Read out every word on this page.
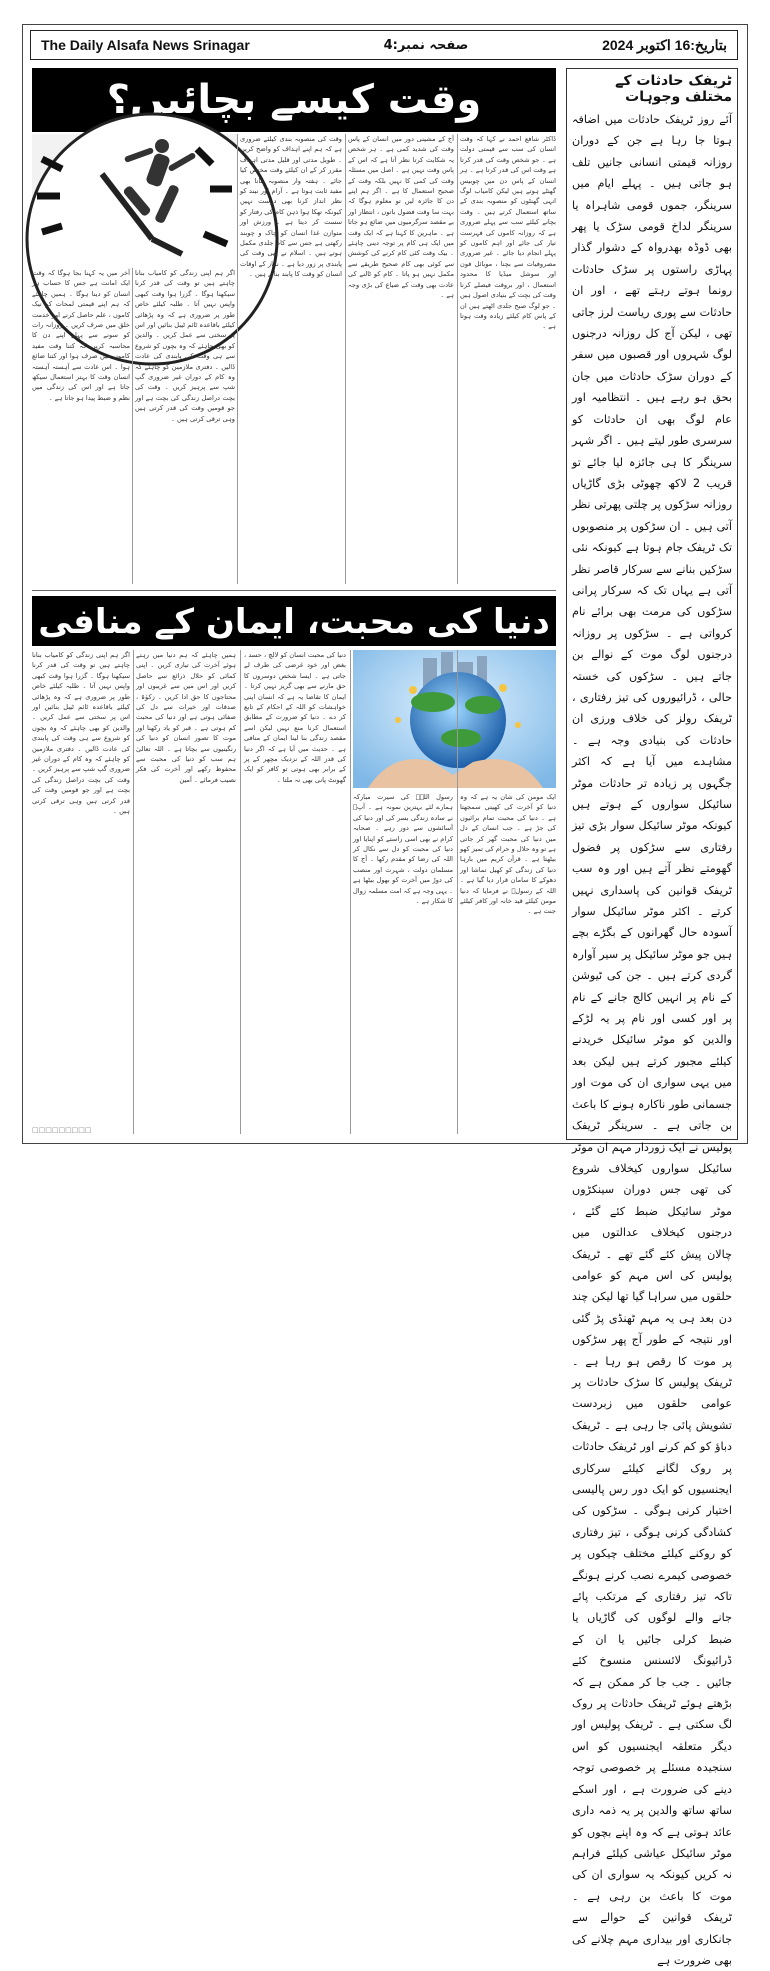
The Daily Alsafa News Srinagar	صفحہ نمبر:4	بتاریخ:16 اکتوبر 2024
وقت کیسے بچائیں؟
ڈاکٹر شافع احمد نے کہا کہ وقت انسان کی سب سے قیمتی دولت ہے ۔ جو شخص وقت کی قدر کرتا ہے وقت اس کی قدر کرتا ہے ۔ ہر انسان کے پاس دن میں چوبیس گھنٹے ہوتے ہیں لیکن کامیاب لوگ انہی گھنٹوں کو منصوبہ بندی کے ساتھ استعمال کرتے ہیں ۔ وقت بچانے کیلئے سب سے پہلے ضروری ہے کہ روزانہ کاموں کی فہرست تیار کی جائے اور اہم کاموں کو پہلے انجام دیا جائے ۔ غیر ضروری مصروفیات سے بچنا ، موبائل فون اور سوشل میڈیا کا محدود استعمال ، اور بروقت فیصلے کرنا وقت کی بچت کے بنیادی اصول ہیں ۔ جو لوگ صبح جلدی اٹھتے ہیں ان کے پاس کام کیلئے زیادہ وقت ہوتا ہے ۔
آج کے مشینی دور میں انسان کے پاس وقت کی شدید کمی ہے ۔ ہر شخص یہ شکایت کرتا نظر آتا ہے کہ اس کے پاس وقت نہیں ہے ۔ اصل میں مسئلہ وقت کی کمی کا نہیں بلکہ وقت کے صحیح استعمال کا ہے ۔ اگر ہم اپنے دن کا جائزہ لیں تو معلوم ہوگا کہ بہت سا وقت فضول باتوں ، انتظار اور بے مقصد سرگرمیوں میں ضائع ہو جاتا ہے ۔ ماہرین کا کہنا ہے کہ ایک وقت میں ایک ہی کام پر توجہ دینی چاہئے ۔ بیک وقت کئی کام کرنے کی کوشش سے کوئی بھی کام صحیح طریقے سے مکمل نہیں ہو پاتا ۔ کام کو ٹالنے کی عادت بھی وقت کے ضیاع کی بڑی وجہ ہے ۔
وقت کی منصوبہ بندی کیلئے ضروری ہے کہ ہم اپنے اہداف کو واضح کریں ۔ طویل مدتی اور قلیل مدتی اہداف مقرر کر کے ان کیلئے وقت مختص کیا جائے ۔ ہفتہ وار منصوبہ بنانا بھی مفید ثابت ہوتا ہے ۔ آرام اور نیند کو نظر انداز کرنا بھی درست نہیں کیونکہ تھکا ہوا ذہن کام کی رفتار کو سست کر دیتا ہے ۔ ورزش اور متوازن غذا انسان کو چاک و چوبند رکھتی ہے جس سے کام جلدی مکمل ہوتے ہیں ۔ اسلام نے بھی وقت کی پابندی پر زور دیا ہے ۔ نماز کے اوقات انسان کو وقت کا پابند بناتے ہیں ۔
اگر ہم اپنی زندگی کو کامیاب بنانا چاہتے ہیں تو وقت کی قدر کرنا سیکھنا ہوگا ۔ گزرا ہوا وقت کبھی واپس نہیں آتا ۔ طلبہ کیلئے خاص طور پر ضروری ہے کہ وہ پڑھائی کیلئے باقاعدہ ٹائم ٹیبل بنائیں اور اس پر سختی سے عمل کریں ۔ والدین کو بھی چاہئے کہ وہ بچوں کو شروع سے ہی وقت کی پابندی کی عادت ڈالیں ۔ دفتری ملازمین کو چاہئے کہ وہ کام کے دوران غیر ضروری گپ شپ سے پرہیز کریں ۔ وقت کی بچت دراصل زندگی کی بچت ہے اور جو قومیں وقت کی قدر کرتی ہیں وہی ترقی کرتی ہیں ۔
آخر میں یہ کہنا بجا ہوگا کہ وقت ایک امانت ہے جس کا حساب ہر انسان کو دینا ہوگا ۔ ہمیں چاہئے کہ ہم اپنے قیمتی لمحات کو نیک کاموں ، علم حاصل کرنے اور خدمت خلق میں صرف کریں ۔ روزانہ رات کو سونے سے پہلے اپنے دن کا محاسبہ کریں کہ کتنا وقت مفید کاموں میں صرف ہوا اور کتنا ضائع ہوا ۔ اس عادت سے آہستہ آہستہ انسان وقت کا بہتر استعمال سیکھ جاتا ہے اور اس کی زندگی میں نظم و ضبط پیدا ہو جاتا ہے ۔
دنیا کی محبت، ایمان کے منافی
ایک مومن کی شان یہ ہے کہ وہ دنیا کو آخرت کی کھیتی سمجھتا ہے ۔ دنیا کی محبت تمام برائیوں کی جڑ ہے ۔ جب انسان کے دل میں دنیا کی محبت گھر کر جاتی ہے تو وہ حلال و حرام کی تمیز کھو بیٹھتا ہے ۔ قرآن کریم میں بارہا دنیا کی زندگی کو کھیل تماشا اور دھوکے کا سامان قرار دیا گیا ہے ۔ اللہ کے رسولؐ نے فرمایا کہ دنیا مومن کیلئے قید خانہ اور کافر کیلئے جنت ہے ۔
رسول اللہؐ کی سیرت مبارکہ ہمارے لئے بہترین نمونہ ہے ۔ آپؐ نے سادہ زندگی بسر کی اور دنیا کی آسائشوں سے دور رہے ۔ صحابہ کرام نے بھی اسی راستے کو اپنایا اور دنیا کی محبت کو دل سے نکال کر اللہ کی رضا کو مقدم رکھا ۔ آج کا مسلمان دولت ، شہرت اور منصب کی دوڑ میں آخرت کو بھول بیٹھا ہے ۔ یہی وجہ ہے کہ امت مسلمہ زوال کا شکار ہے ۔
دنیا کی محبت انسان کو لالچ ، حسد ، بغض اور خود غرضی کی طرف لے جاتی ہے ۔ ایسا شخص دوسروں کا حق مارنے سے بھی گریز نہیں کرتا ۔ ایمان کا تقاضا یہ ہے کہ انسان اپنی خواہشات کو اللہ کے احکام کے تابع کر دے ۔ دنیا کو ضرورت کے مطابق استعمال کرنا منع نہیں لیکن اسے مقصد زندگی بنا لینا ایمان کے منافی ہے ۔ حدیث میں آیا ہے کہ اگر دنیا کی قدر اللہ کے نزدیک مچھر کے پر کے برابر بھی ہوتی تو کافر کو ایک گھونٹ پانی بھی نہ ملتا ۔
ہمیں چاہئے کہ ہم دنیا میں رہتے ہوئے آخرت کی تیاری کریں ۔ اپنی کمائی کو حلال ذرائع سے حاصل کریں اور اس میں سے غریبوں اور محتاجوں کا حق ادا کریں ۔ زکوٰۃ ، صدقات اور خیرات سے دل کی صفائی ہوتی ہے اور دنیا کی محبت کم ہوتی ہے ۔ قبر کو یاد رکھنا اور موت کا تصور انسان کو دنیا کی رنگینیوں سے بچاتا ہے ۔ اللہ تعالیٰ ہم سب کو دنیا کی محبت سے محفوظ رکھے اور آخرت کی فکر نصیب فرمائے ۔ آمین
اگر ہم اپنی زندگی کو کامیاب بنانا چاہتے ہیں تو وقت کی قدر کرنا سیکھنا ہوگا ۔ گزرا ہوا وقت کبھی واپس نہیں آتا ۔ طلبہ کیلئے خاص طور پر ضروری ہے کہ وہ پڑھائی کیلئے باقاعدہ ٹائم ٹیبل بنائیں اور اس پر سختی سے عمل کریں ۔ والدین کو بھی چاہئے کہ وہ بچوں کو شروع سے ہی وقت کی پابندی کی عادت ڈالیں ۔ دفتری ملازمین کو چاہئے کہ وہ کام کے دوران غیر ضروری گپ شپ سے پرہیز کریں ۔ وقت کی بچت دراصل زندگی کی بچت ہے اور جو قومیں وقت کی قدر کرتی ہیں وہی ترقی کرتی ہیں ۔
ٹریفک حادثات کے مختلف وجوہات
آئے روز ٹریفک حادثات میں اضافہ ہوتا جا رہا ہے جن کے دوران روزانہ قیمتی انسانی جانیں تلف ہو جاتی ہیں ۔ پہلے ایام میں سرینگر، جموں قومی شاہراہ یا سرینگر لداخ قومی سڑک یا پھر بھی ڈوڈہ بھدرواہ کے دشوار گذار پہاڑی راستوں پر سڑک حادثات رونما ہوتے رہتے تھے ، اور ان حادثات سے پوری ریاست لرز جاتی تھی ، لیکن آج کل روزانہ درجنوں لوگ شہروں اور قصبوں میں سفر کے دوران سڑک حادثات میں جان بحق ہو رہے ہیں ۔ انتظامیہ اور عام لوگ بھی ان حادثات کو سرسری طور لیتے ہیں ۔ اگر شہر سرینگر کا ہی جائزہ لیا جائے تو قریب 2 لاکھ چھوٹی بڑی گاڑیاں روزانہ سڑکوں پر چلتی پھرتی نظر آتی ہیں ۔ ان سڑکوں پر منصوبوں تک ٹریفک جام ہوتا ہے کیونکہ نئی سڑکیں بنانے سے سرکار قاصر نظر آتی ہے یہاں تک کہ سرکار پرانی سڑکوں کی مرمت بھی برائے نام کرواتی ہے ۔ سڑکوں پر روزانہ درجنوں لوگ موت کے نوالے بن جاتے ہیں ۔ سڑکوں کی خستہ حالی ، ڈرائیوروں کی تیز رفتاری ، ٹریفک رولز کی خلاف ورزی ان حادثات کی بنیادی وجہ ہے ۔ مشاہدے میں آیا ہے کہ اکثر جگہوں پر زیادہ تر حادثات موٹر سائیکل سواروں کے ہوتے ہیں کیونکہ موٹر سائیکل سوار بڑی تیز رفتاری سے سڑکوں پر فضول گھومتے نظر آتے ہیں اور وہ سب ٹریفک قوانین کی پاسداری نہیں کرتے ۔ اکثر موٹر سائیکل سوار آسودہ حال گھرانوں کے بگڑے بچے ہیں جو موٹر سائیکل پر سیر آوارہ گردی کرتے ہیں ۔ جن کی ٹیوشن کے نام پر انہیں کالج جانے کے نام پر اور کسی اور نام پر یہ لڑکے والدین کو موٹر سائیکل خریدنے کیلئے مجبور کرتے ہیں لیکن بعد میں یہی سواری ان کی موت اور جسمانی طور ناکارہ ہونے کا باعث بن جاتی ہے ۔ سرینگر ٹریفک پولیس نے ایک زوردار مہم ان موٹر سائیکل سواروں کیخلاف شروع کی تھی جس دوران سینکڑوں موٹر سائیکل ضبط کئے گئے ، درجنوں کیخلاف عدالتوں میں چالان پیش کئے گئے تھے ۔ ٹریفک پولیس کی اس مہم کو عوامی حلقوں میں سراہا گیا تھا لیکن چند دن بعد ہی یہ مہم ٹھنڈی پڑ گئی اور نتیجہ کے طور آج پھر سڑکوں پر موت کا رقص ہو رہا ہے ۔ ٹریفک پولیس کا سڑک حادثات پر عوامی حلقوں میں زبردست تشویش پائی جا رہی ہے ۔ ٹریفک دباؤ کو کم کرنے اور ٹریفک حادثات پر روک لگانے کیلئے سرکاری ایجنسیوں کو ایک دور رس پالیسی اختیار کرنی ہوگی ۔ سڑکوں کی کشادگی کرنی ہوگی ، تیز رفتاری کو روکنے کیلئے مختلف چیکوں پر خصوصی کیمرے نصب کرنے ہونگے تاکہ تیز رفتاری کے مرتکب پائے جانے والے لوگوں کی گاڑیاں یا ضبط کرلی جائیں یا ان کے ڈرائیونگ لائسنس منسوخ کئے جائیں ۔ جب جا کر ممکن ہے کہ بڑھتے ہوئے ٹریفک حادثات پر روک لگ سکتی ہے ۔ ٹریفک پولیس اور دیگر متعلقہ ایجنسیوں کو اس سنجیدہ مسئلے پر خصوصی توجہ دینے کی ضرورت ہے ، اور اسکے ساتھ ساتھ والدین پر یہ ذمہ داری عائد ہوتی ہے کہ وہ اپنے بچوں کو موٹر سائیکل عیاشی کیلئے فراہم نہ کریں کیونکہ یہ سواری ان کی موت کا باعث بن رہی ہے ۔ ٹریفک قوانین کے حوالے سے جانکاری اور بیداری مہم چلانے کی بھی ضرورت ہے
□□□□□□□□□
